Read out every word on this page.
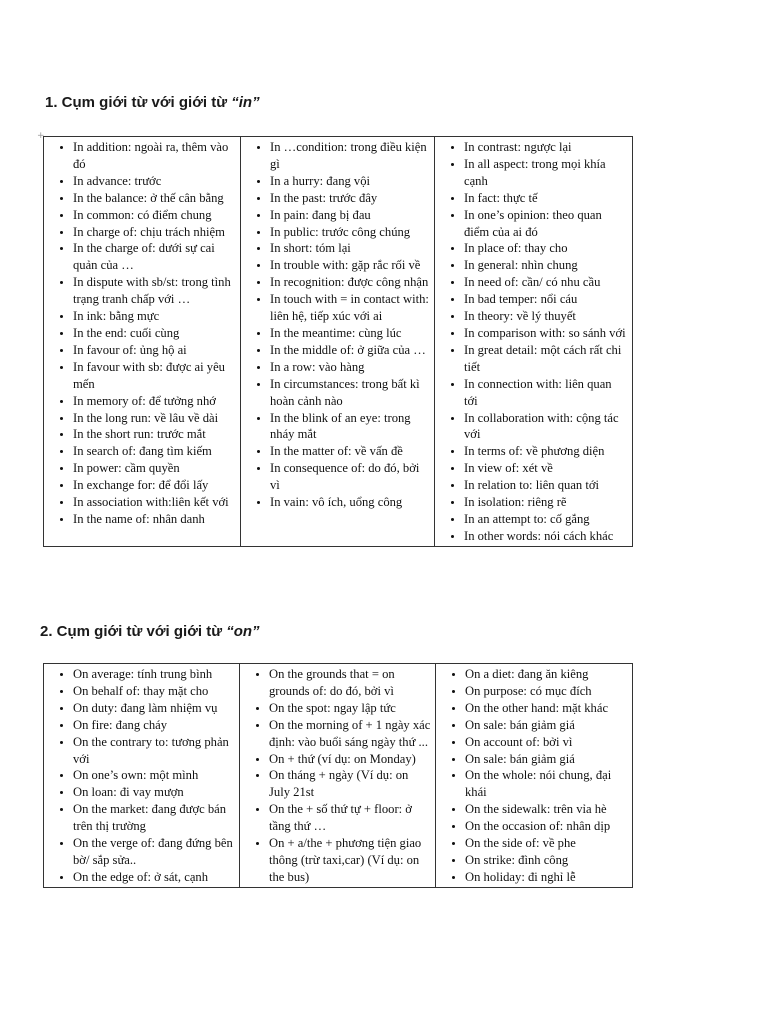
1. Cụm giới từ với giới từ “in”
+
• In addition: ngoài ra, thêm vào đó
• In advance: trước
• In the balance: ở thế cân bằng
• In common: có điểm chung
• In charge of: chịu trách nhiệm
• In the charge of: dưới sự cai quản của …
• In dispute with sb/st: trong tình trạng tranh chấp với …
• In ink: bằng mực
• In the end: cuối cùng
• In favour of: ủng hộ ai
• In favour with sb: được ai yêu mến
• In memory of: để tưởng nhớ
• In the long run: về lâu về dài
• In the short run: trước mắt
• In search of: đang tìm kiếm
• In power: cầm quyền
• In exchange for: để đổi lấy
• In association with:liên kết với
• In the name of: nhân danh

• In …condition: trong điều kiện gì
• In a hurry: đang vội
• In the past: trước đây
• In pain: đang bị đau
• In public: trước công chúng
• In short: tóm lại
• In trouble with: gặp rắc rối về
• In recognition: được công nhận
• In touch with = in contact with: liên hệ, tiếp xúc với ai
• In the meantime: cùng lúc
• In the middle of: ở giữa của …
• In a row: vào hàng
• In circumstances: trong bất kì hoàn cảnh nào
• In the blink of an eye: trong nháy mắt
• In the matter of: về vấn đề
• In consequence of: do đó, bởi vì
• In vain: vô ích, uổng công

• In contrast: ngược lại
• In all aspect: trong mọi khía cạnh
• In fact: thực tế
• In one’s opinion: theo quan điểm của ai đó
• In place of: thay cho
• In general: nhìn chung
• In need of: cần/ có nhu cầu
• In bad temper: nổi cáu
• In theory: về lý thuyết
• In comparison with: so sánh với
• In great detail: một cách rất chi tiết
• In connection with: liên quan tới
• In collaboration with: cộng tác với
• In terms of: về phương diện
• In view of: xét về
• In relation to: liên quan tới
• In isolation: riêng rẽ
• In an attempt to: cố gắng
• In other words: nói cách khác
2. Cụm giới từ với giới từ “on”
• On average: tính trung bình
• On behalf of: thay mặt cho
• On duty: đang làm nhiệm vụ
• On fire: đang cháy
• On the contrary to: tương phản với
• On one’s own: một mình
• On loan: đi vay mượn
• On the market: đang được bán trên thị trường
• On the verge of: đang đứng bên bờ/ sắp sửa..
• On the edge of: ở sát, cạnh

• On the grounds that = on grounds of: do đó, bởi vì
• On the spot: ngay lập tức
• On the morning of + 1 ngày xác định: vào buổi sáng ngày thứ ...
• On + thứ (ví dụ: on Monday)
• On tháng + ngày (Ví dụ: on July 21st
• On the + số thứ tự + floor: ở tầng thứ …
• On + a/the + phương tiện giao thông (trừ taxi,car) (Ví dụ: on the bus)

• On a diet: đang ăn kiêng
• On purpose: có mục đích
• On the other hand: mặt khác
• On sale: bán giảm giá
• On account of: bởi vì
• On sale: bán giảm giá
• On the whole: nói chung, đại khái
• On the sidewalk: trên vỉa hè
• On the occasion of: nhân dịp
• On the side of: về phe
• On strike: đình công
• On holiday: đi nghỉ lễ
